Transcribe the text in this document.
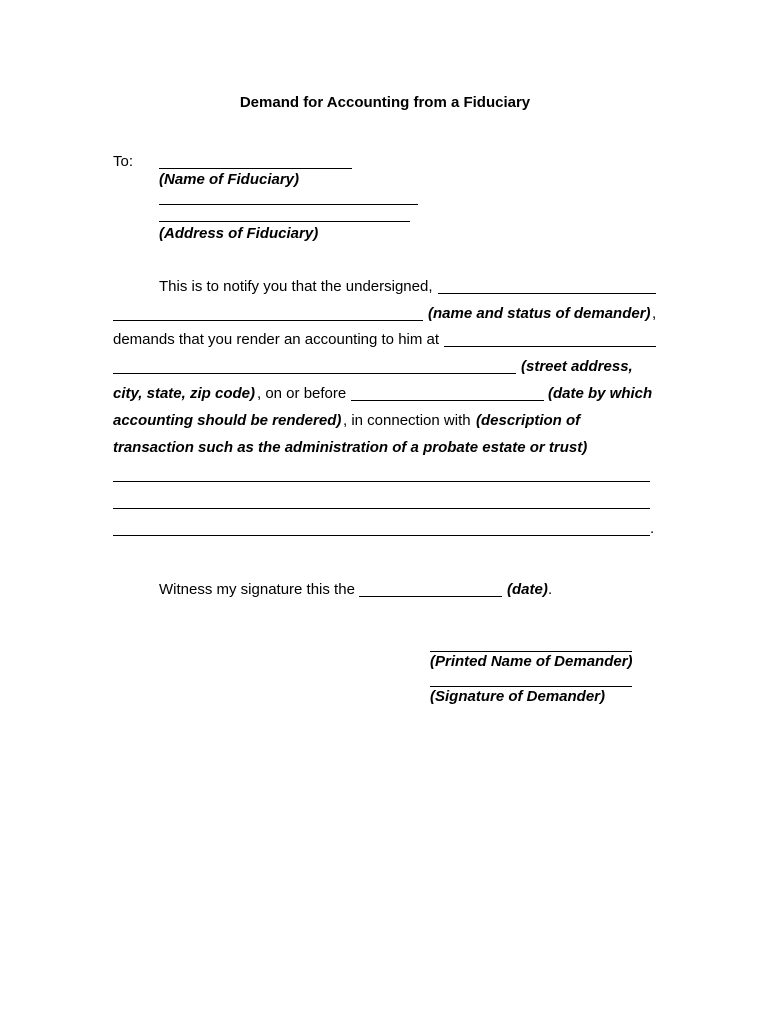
Demand for Accounting from a Fiduciary
To:
(Name of Fiduciary)
(Address of Fiduciary)
This is to notify you that the undersigned,
(name and status of demander) ,
demands that you render an accounting to him at
(street address,
city, state, zip code) , on or before	(date by which
accounting should be rendered) , in connection with (description of
transaction such as the administration of a probate estate or trust)
.
Witness my signature this the	(date) .
(Printed Name of Demander)
(Signature of Demander)
